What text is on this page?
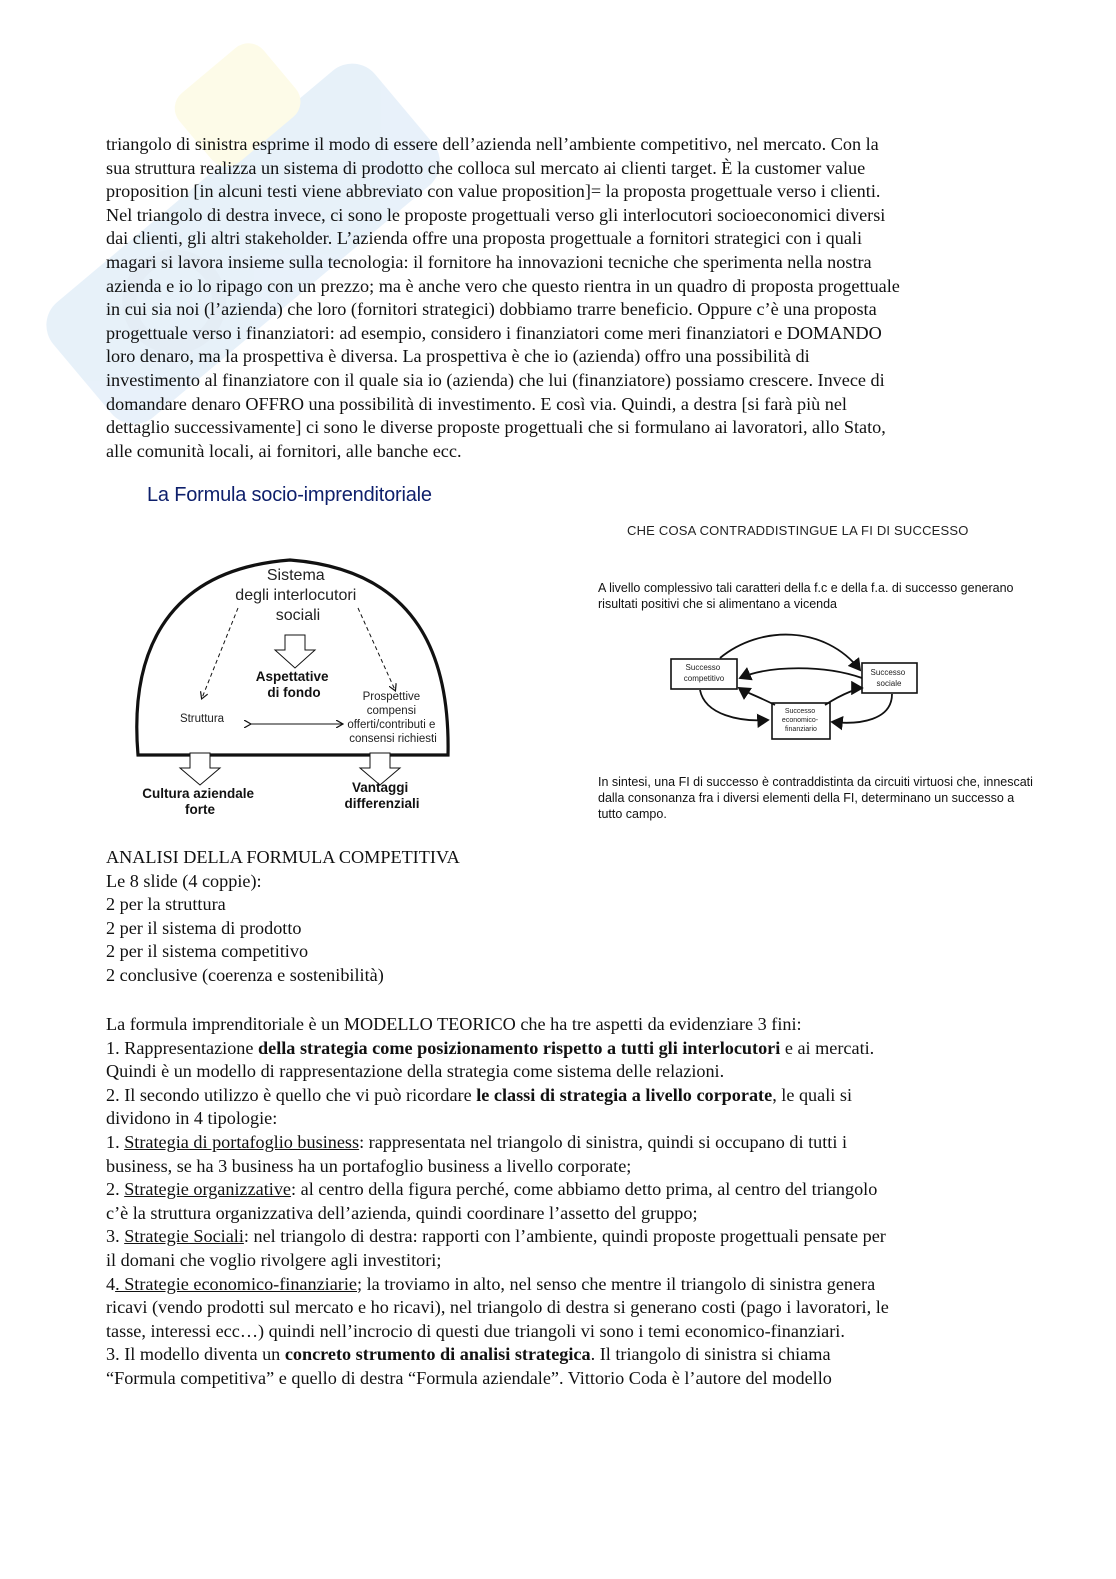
triangolo di sinistra esprime il modo di essere dell’azienda nell’ambiente competitivo, nel mercato. Con la
sua struttura realizza un sistema di prodotto che colloca sul mercato ai clienti target. È la customer value
proposition [in alcuni testi viene abbreviato con value proposition]= la proposta progettuale verso i clienti.
Nel triangolo di destra invece, ci sono le proposte progettuali verso gli interlocutori socioeconomici diversi
dai clienti, gli altri stakeholder. L’azienda offre una proposta progettuale a fornitori strategici con i quali
magari si lavora insieme sulla tecnologia: il fornitore ha innovazioni tecniche che sperimenta nella nostra
azienda e io lo ripago con un prezzo; ma è anche vero che questo rientra in un quadro di proposta progettuale
in cui sia noi (l’azienda) che loro (fornitori strategici) dobbiamo trarre beneficio. Oppure c’è una proposta
progettuale verso i finanziatori: ad esempio, considero i finanziatori come meri finanziatori e DOMANDO
loro denaro, ma la prospettiva è diversa. La prospettiva è che io (azienda) offro una possibilità di
investimento al finanziatore con il quale sia io (azienda) che lui (finanziatore) possiamo crescere. Invece di
domandare denaro OFFRO una possibilità di investimento. E così via. Quindi, a destra [si farà più nel
dettaglio successivamente] ci sono le diverse proposte progettuali che si formulano ai lavoratori, allo Stato,
alle comunità locali, ai fornitori, alle banche ecc.
La Formula socio-imprenditoriale
Sistema degli interlocutori sociali
Aspettative di fondo
Struttura
Prospettive compensi offerti/contributi e consensi richiesti
Cultura aziendale forte
Vantaggi differenziali
CHE COSA CONTRADDISTINGUE LA FI DI SUCCESSO
A livello complessivo tali caratteri della f.c e della f.a. di successo generano risultati positivi che si alimentano a vicenda
Successo competitivo
Successo sociale
Successo economico- finanziario
In sintesi, una FI di successo è contraddistinta da circuiti virtuosi che, innescati dalla consonanza fra i diversi elementi della FI, determinano un successo a tutto campo.
ANALISI DELLA FORMULA COMPETITIVA
Le 8 slide (4 coppie):
2 per la struttura
2 per il sistema di prodotto
2 per il sistema competitivo
2 conclusive (coerenza e sostenibilità)
La formula imprenditoriale è un MODELLO TEORICO che ha tre aspetti da evidenziare 3 fini:
1. Rappresentazione della strategia come posizionamento rispetto a tutti gli interlocutori e ai mercati.
Quindi è un modello di rappresentazione della strategia come sistema delle relazioni.
2. Il secondo utilizzo è quello che vi può ricordare le classi di strategia a livello corporate, le quali si
dividono in 4 tipologie:
1. Strategia di portafoglio business: rappresentata nel triangolo di sinistra, quindi si occupano di tutti i
business, se ha 3 business ha un portafoglio business a livello corporate;
2. Strategie organizzative: al centro della figura perché, come abbiamo detto prima, al centro del triangolo
c’è la struttura organizzativa dell’azienda, quindi coordinare l’assetto del gruppo;
3. Strategie Sociali: nel triangolo di destra: rapporti con l’ambiente, quindi proposte progettuali pensate per
il domani che voglio rivolgere agli investitori;
4. Strategie economico-finanziarie; la troviamo in alto, nel senso che mentre il triangolo di sinistra genera
ricavi (vendo prodotti sul mercato e ho ricavi), nel triangolo di destra si generano costi (pago i lavoratori, le
tasse, interessi ecc…) quindi nell’incrocio di questi due triangoli vi sono i temi economico-finanziari.
3. Il modello diventa un concreto strumento di analisi strategica. Il triangolo di sinistra si chiama
“Formula competitiva” e quello di destra “Formula aziendale”. Vittorio Coda è l’autore del modello
